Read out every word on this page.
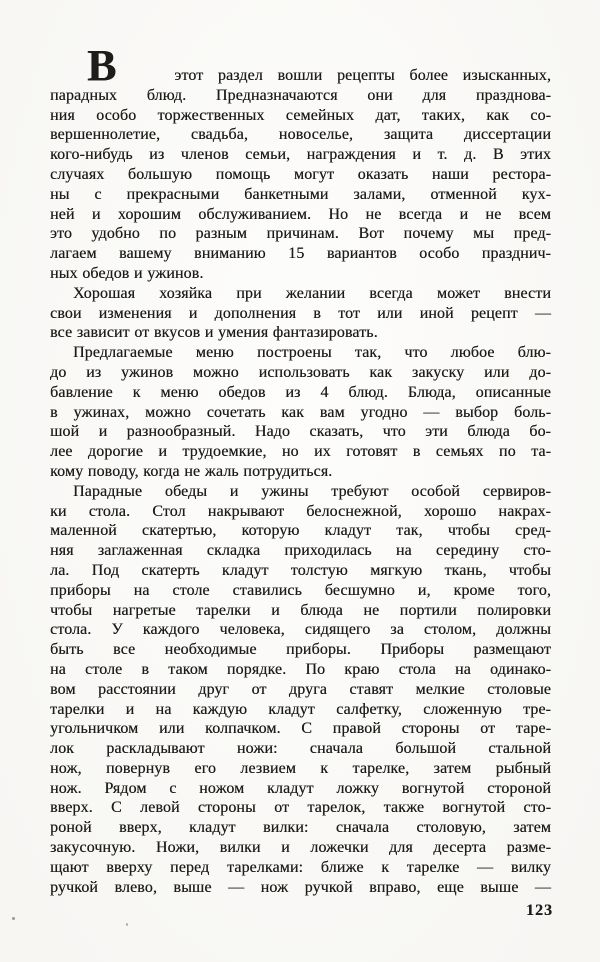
В	этот раздел вошли рецепты более изысканных,
парадных блюд. Предназначаются они для празднова-
ния особо торжественных семейных дат, таких, как со-
вершеннолетие, свадьба, новоселье, защита диссертации
кого-нибудь из членов семьи, награждения и т. д. В этих
случаях большую помощь могут оказать наши рестора-
ны с прекрасными банкетными залами, отменной кух-
ней и хорошим обслуживанием. Но не всегда и не всем
это удобно по разным причинам. Вот почему мы пред-
лагаем вашему вниманию 15 вариантов особо празднич-
ных обедов и ужинов.
Хорошая хозяйка при желании всегда может внести
свои изменения и дополнения в тот или иной рецепт —
все зависит от вкусов и умения фантазировать.
Предлагаемые меню построены так, что любое блю-
до из ужинов можно использовать как закуску или до-
бавление к меню обедов из 4 блюд. Блюда, описанные
в ужинах, можно сочетать как вам угодно — выбор боль-
шой и разнообразный. Надо сказать, что эти блюда бо-
лее дорогие и трудоемкие, но их готовят в семьях по та-
кому поводу, когда не жаль потрудиться.
Парадные обеды и ужины требуют особой сервиров-
ки стола. Стол накрывают белоснежной, хорошо накрах-
маленной скатертью, которую кладут так, чтобы сред-
няя заглаженная складка приходилась на середину сто-
ла. Под скатерть кладут толстую мягкую ткань, чтобы
приборы на столе ставились бесшумно и, кроме того,
чтобы нагретые тарелки и блюда не портили полировки
стола. У каждого человека, сидящего за столом, должны
быть все необходимые приборы. Приборы размещают
на столе в таком порядке. По краю стола на одинако-
вом расстоянии друг от друга ставят мелкие столовые
тарелки и на каждую кладут салфетку, сложенную тре-
угольничком или колпачком. С правой стороны от таре-
лок раскладывают ножи: сначала большой стальной
нож, повернув его лезвием к тарелке, затем рыбный
нож. Рядом с ножом кладут ложку вогнутой стороной
вверх. С левой стороны от тарелок, также вогнутой сто-
роной вверх, кладут вилки: сначала столовую, затем
закусочную. Ножи, вилки и ложечки для десерта разме-
щают вверху перед тарелками: ближе к тарелке — вилку
ручкой влево, выше — нож ручкой вправо, еще выше —
123
